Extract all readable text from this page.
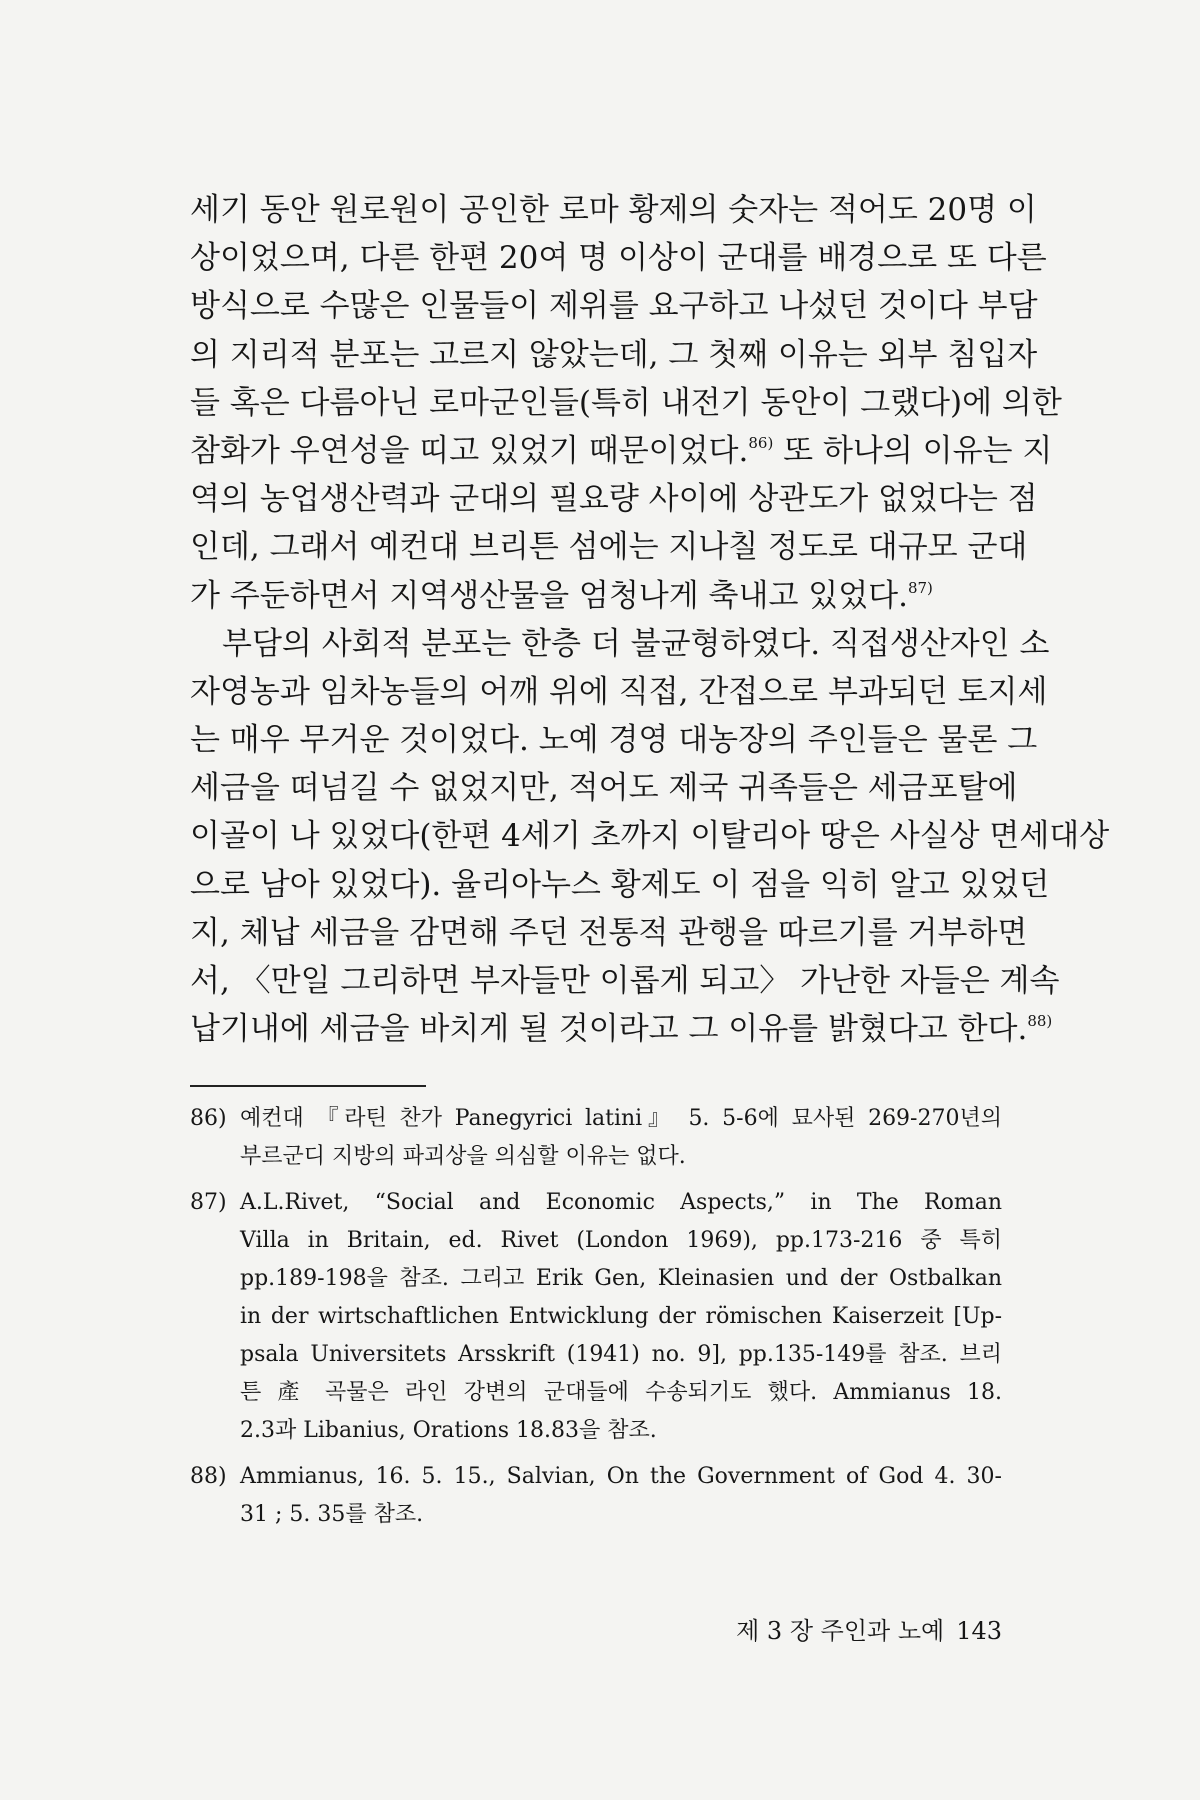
세기 동안 원로원이 공인한 로마 황제의 숫자는 적어도 20명 이
상이었으며, 다른 한편 20여 명 이상이 군대를 배경으로 또 다른
방식으로 수많은 인물들이 제위를 요구하고 나섰던 것이다 부담
의 지리적 분포는 고르지 않았는데, 그 첫째 이유는 외부 침입자
들 혹은 다름아닌 로마군인들(특히 내전기 동안이 그랬다)에 의한
참화가 우연성을 띠고 있었기 때문이었다.$^{86)}$ 또 하나의 이유는 지
역의 농업생산력과 군대의 필요량 사이에 상관도가 없었다는 점
인데, 그래서 예컨대 브리튼 섬에는 지나칠 정도로 대규모 군대
가 주둔하면서 지역생산물을 엄청나게 축내고 있었다.$^{87)}$
부담의 사회적 분포는 한층 더 불균형하였다. 직접생산자인 소
자영농과 임차농들의 어깨 위에 직접, 간접으로 부과되던 토지세
는 매우 무거운 것이었다. 노예 경영 대농장의 주인들은 물론 그
세금을 떠넘길 수 없었지만, 적어도 제국 귀족들은 세금포탈에
이골이 나 있었다(한편 4세기 초까지 이탈리아 땅은 사실상 면세대상
으로 남아 있었다). 율리아누스 황제도 이 점을 익히 알고 있었던
지, 체납 세금을 감면해 주던 전통적 관행을 따르기를 거부하면
서, 〈만일 그리하면 부자들만 이롭게 되고〉 가난한 자들은 계속
납기내에 세금을 바치게 될 것이라고 그 이유를 밝혔다고 한다.$^{88)}$
86) 예컨대 『라틴 찬가 Panegyrici latini』 5. 5-6에 묘사된 269-270년의
부르군디 지방의 파괴상을 의심할 이유는 없다.
87) A.L.Rivet, “Social and Economic Aspects,” in The Roman
Villa in Britain, ed. Rivet (London 1969), pp.173-216 중 특히
pp.189-198을 참조. 그리고 Erik Gen, Kleinasien und der Ostbalkan
in der wirtschaftlichen Entwicklung der römischen Kaiserzeit [Up-
psala Universitets Arsskrift (1941) no. 9], pp.135-149를 참조. 브리
튼 產 곡물은 라인 강변의 군대들에 수송되기도 했다. Ammianus 18.
2.3과 Libanius, Orations 18.83을 참조.
88) Ammianus, 16. 5. 15., Salvian, On the Government of God 4. 30-
31 ; 5. 35를 참조.
제 3 장 주인과 노예 143
